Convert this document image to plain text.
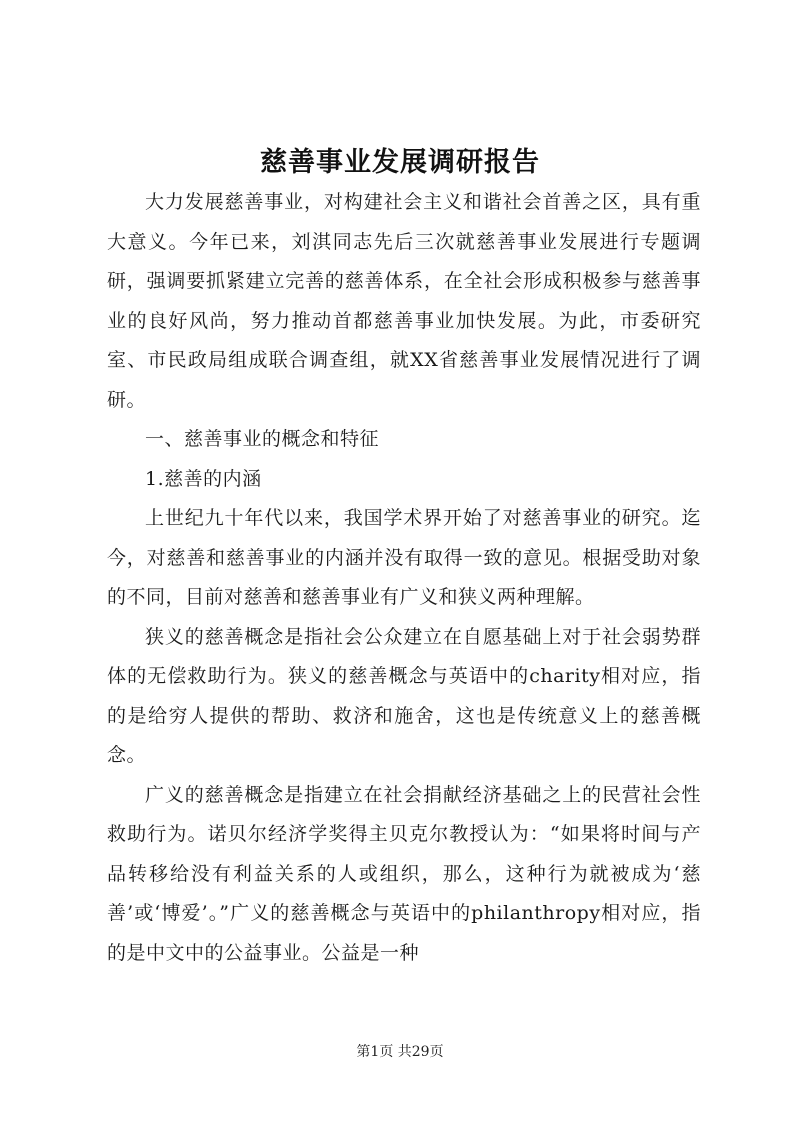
慈善事业发展调研报告

大力发展慈善事业，对构建社会主义和谐社会首善之区，具有重大意义。今年已来，刘淇同志先后三次就慈善事业发展进行专题调研，强调要抓紧建立完善的慈善体系，在全社会形成积极参与慈善事业的良好风尚，努力推动首都慈善事业加快发展。为此，市委研究室、市民政局组成联合调查组，就XX省慈善事业发展情况进行了调研。

一、慈善事业的概念和特征

1.慈善的内涵

上世纪九十年代以来，我国学术界开始了对慈善事业的研究。迄今，对慈善和慈善事业的内涵并没有取得一致的意见。根据受助对象的不同，目前对慈善和慈善事业有广义和狭义两种理解。

狭义的慈善概念是指社会公众建立在自愿基础上对于社会弱势群体的无偿救助行为。狭义的慈善概念与英语中的charity相对应，指的是给穷人提供的帮助、救济和施舍，这也是传统意义上的慈善概念。

广义的慈善概念是指建立在社会捐献经济基础之上的民营社会性救助行为。诺贝尔经济学奖得主贝克尔教授认为：“如果将时间与产品转移给没有利益关系的人或组织，那么，这种行为就被成为‘慈善’或‘博爱’。”广义的慈善概念与英语中的philanthropy相对应，指的是中文中的公益事业。公益是一种

第1页 共29页
